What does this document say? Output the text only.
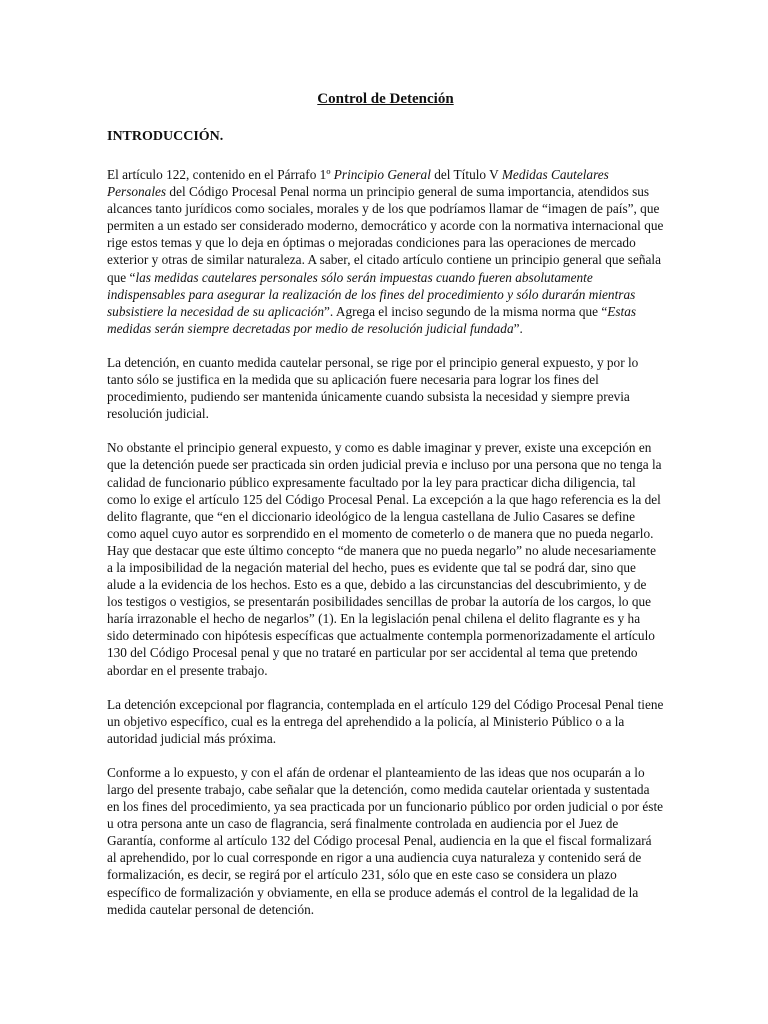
Control de Detención
INTRODUCCIÓN.

El artículo 122, contenido en el Párrafo 1º Principio General del Título V Medidas Cautelares Personales del Código Procesal Penal norma un principio general de suma importancia, atendidos sus alcances tanto jurídicos como sociales, morales y de los que podríamos llamar de “imagen de país”, que permiten a un estado ser considerado moderno, democrático y acorde con la normativa internacional que rige estos temas y que lo deja en óptimas o mejoradas condiciones para las operaciones de mercado exterior y otras de similar naturaleza. A saber, el citado artículo contiene un principio general que señala que “las medidas cautelares personales sólo serán impuestas cuando fueren absolutamente indispensables para asegurar la realización de los fines del procedimiento y sólo durarán mientras subsistiere la necesidad de su aplicación”. Agrega el inciso segundo de la misma norma que “Estas medidas serán siempre decretadas por medio de resolución judicial fundada”.

La detención, en cuanto medida cautelar personal, se rige por el principio general expuesto, y por lo tanto sólo se justifica en la medida que su aplicación fuere necesaria para lograr los fines del procedimiento, pudiendo ser mantenida únicamente cuando subsista la necesidad y siempre previa resolución judicial.

No obstante el principio general expuesto, y como es dable imaginar y prever, existe una excepción en que la detención puede ser practicada sin orden judicial previa e incluso por una persona que no tenga la calidad de funcionario público expresamente facultado por la ley para practicar dicha diligencia, tal como lo exige el artículo 125 del Código Procesal Penal. La excepción a la que hago referencia es la del delito flagrante, que “en el diccionario ideológico de la lengua castellana de Julio Casares se define como aquel cuyo autor es sorprendido en el momento de cometerlo o de manera que no pueda negarlo. Hay que destacar que este último concepto “de manera que no pueda negarlo” no alude necesariamente a la imposibilidad de la negación material del hecho, pues es evidente que tal se podrá dar, sino que alude a la evidencia de los hechos. Esto es a que, debido a las circunstancias del descubrimiento, y de los testigos o vestigios, se presentarán posibilidades sencillas de probar la autoría de los cargos, lo que haría irrazonable el hecho de negarlos” (1). En la legislación penal chilena el delito flagrante es y ha sido determinado con hipótesis específicas que actualmente contempla pormenorizadamente el artículo 130 del Código Procesal penal y que no trataré en particular por ser accidental al tema que pretendo abordar en el presente trabajo.

La detención excepcional por flagrancia, contemplada en el artículo 129 del Código Procesal Penal tiene un objetivo específico, cual es la entrega del aprehendido a la policía, al Ministerio Público o a la autoridad judicial más próxima.

Conforme a lo expuesto, y con el afán de ordenar el planteamiento de las ideas que nos ocuparán a lo largo del presente trabajo, cabe señalar que la detención, como medida cautelar orientada y sustentada en los fines del procedimiento, ya sea practicada por un funcionario público por orden judicial o por éste u otra persona ante un caso de flagrancia, será finalmente controlada en audiencia por el Juez de Garantía, conforme al artículo 132 del Código procesal Penal, audiencia en la que el fiscal formalizará al aprehendido, por lo cual corresponde en rigor a una audiencia cuya naturaleza y contenido será de formalización, es decir, se regirá por el artículo 231, sólo que en este caso se considera un plazo específico de formalización y obviamente, en ella se produce además el control de la legalidad de la medida cautelar personal de detención.
